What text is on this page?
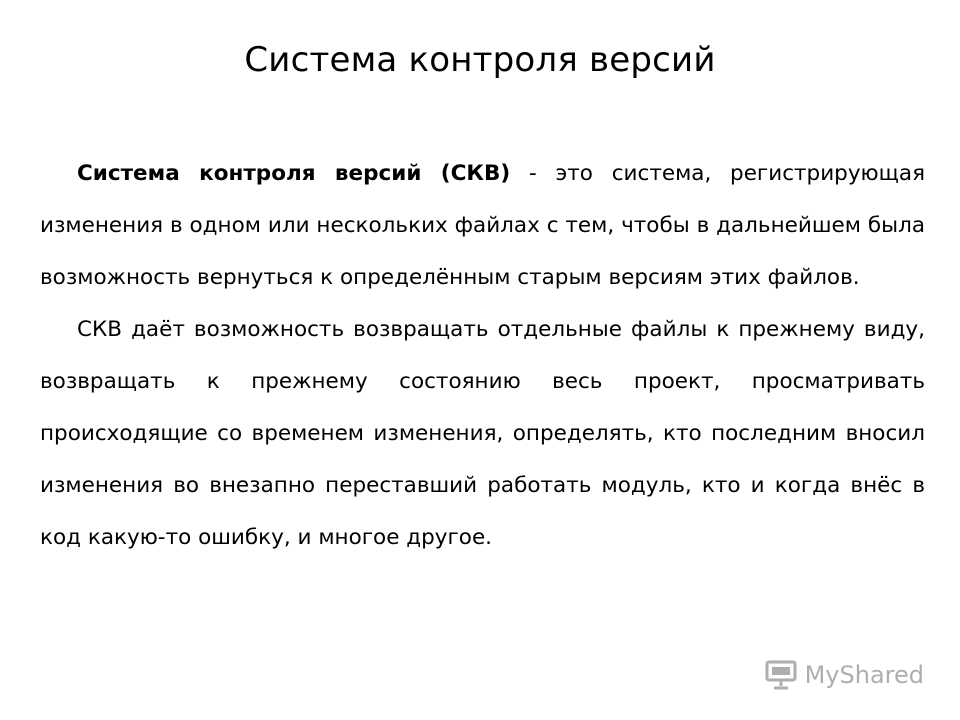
Система контроля версий

Система контроля версий (СКВ) - это система, регистрирующая изменения в одном или нескольких файлах с тем, чтобы в дальнейшем была возможность вернуться к определённым старым версиям этих файлов.

СКВ даёт возможность возвращать отдельные файлы к прежнему виду, возвращать к прежнему состоянию весь проект, просматривать происходящие со временем изменения, определять, кто последним вносил изменения во внезапно переставший работать модуль, кто и когда внёс в код какую-то ошибку, и многое другое.

MyShared
